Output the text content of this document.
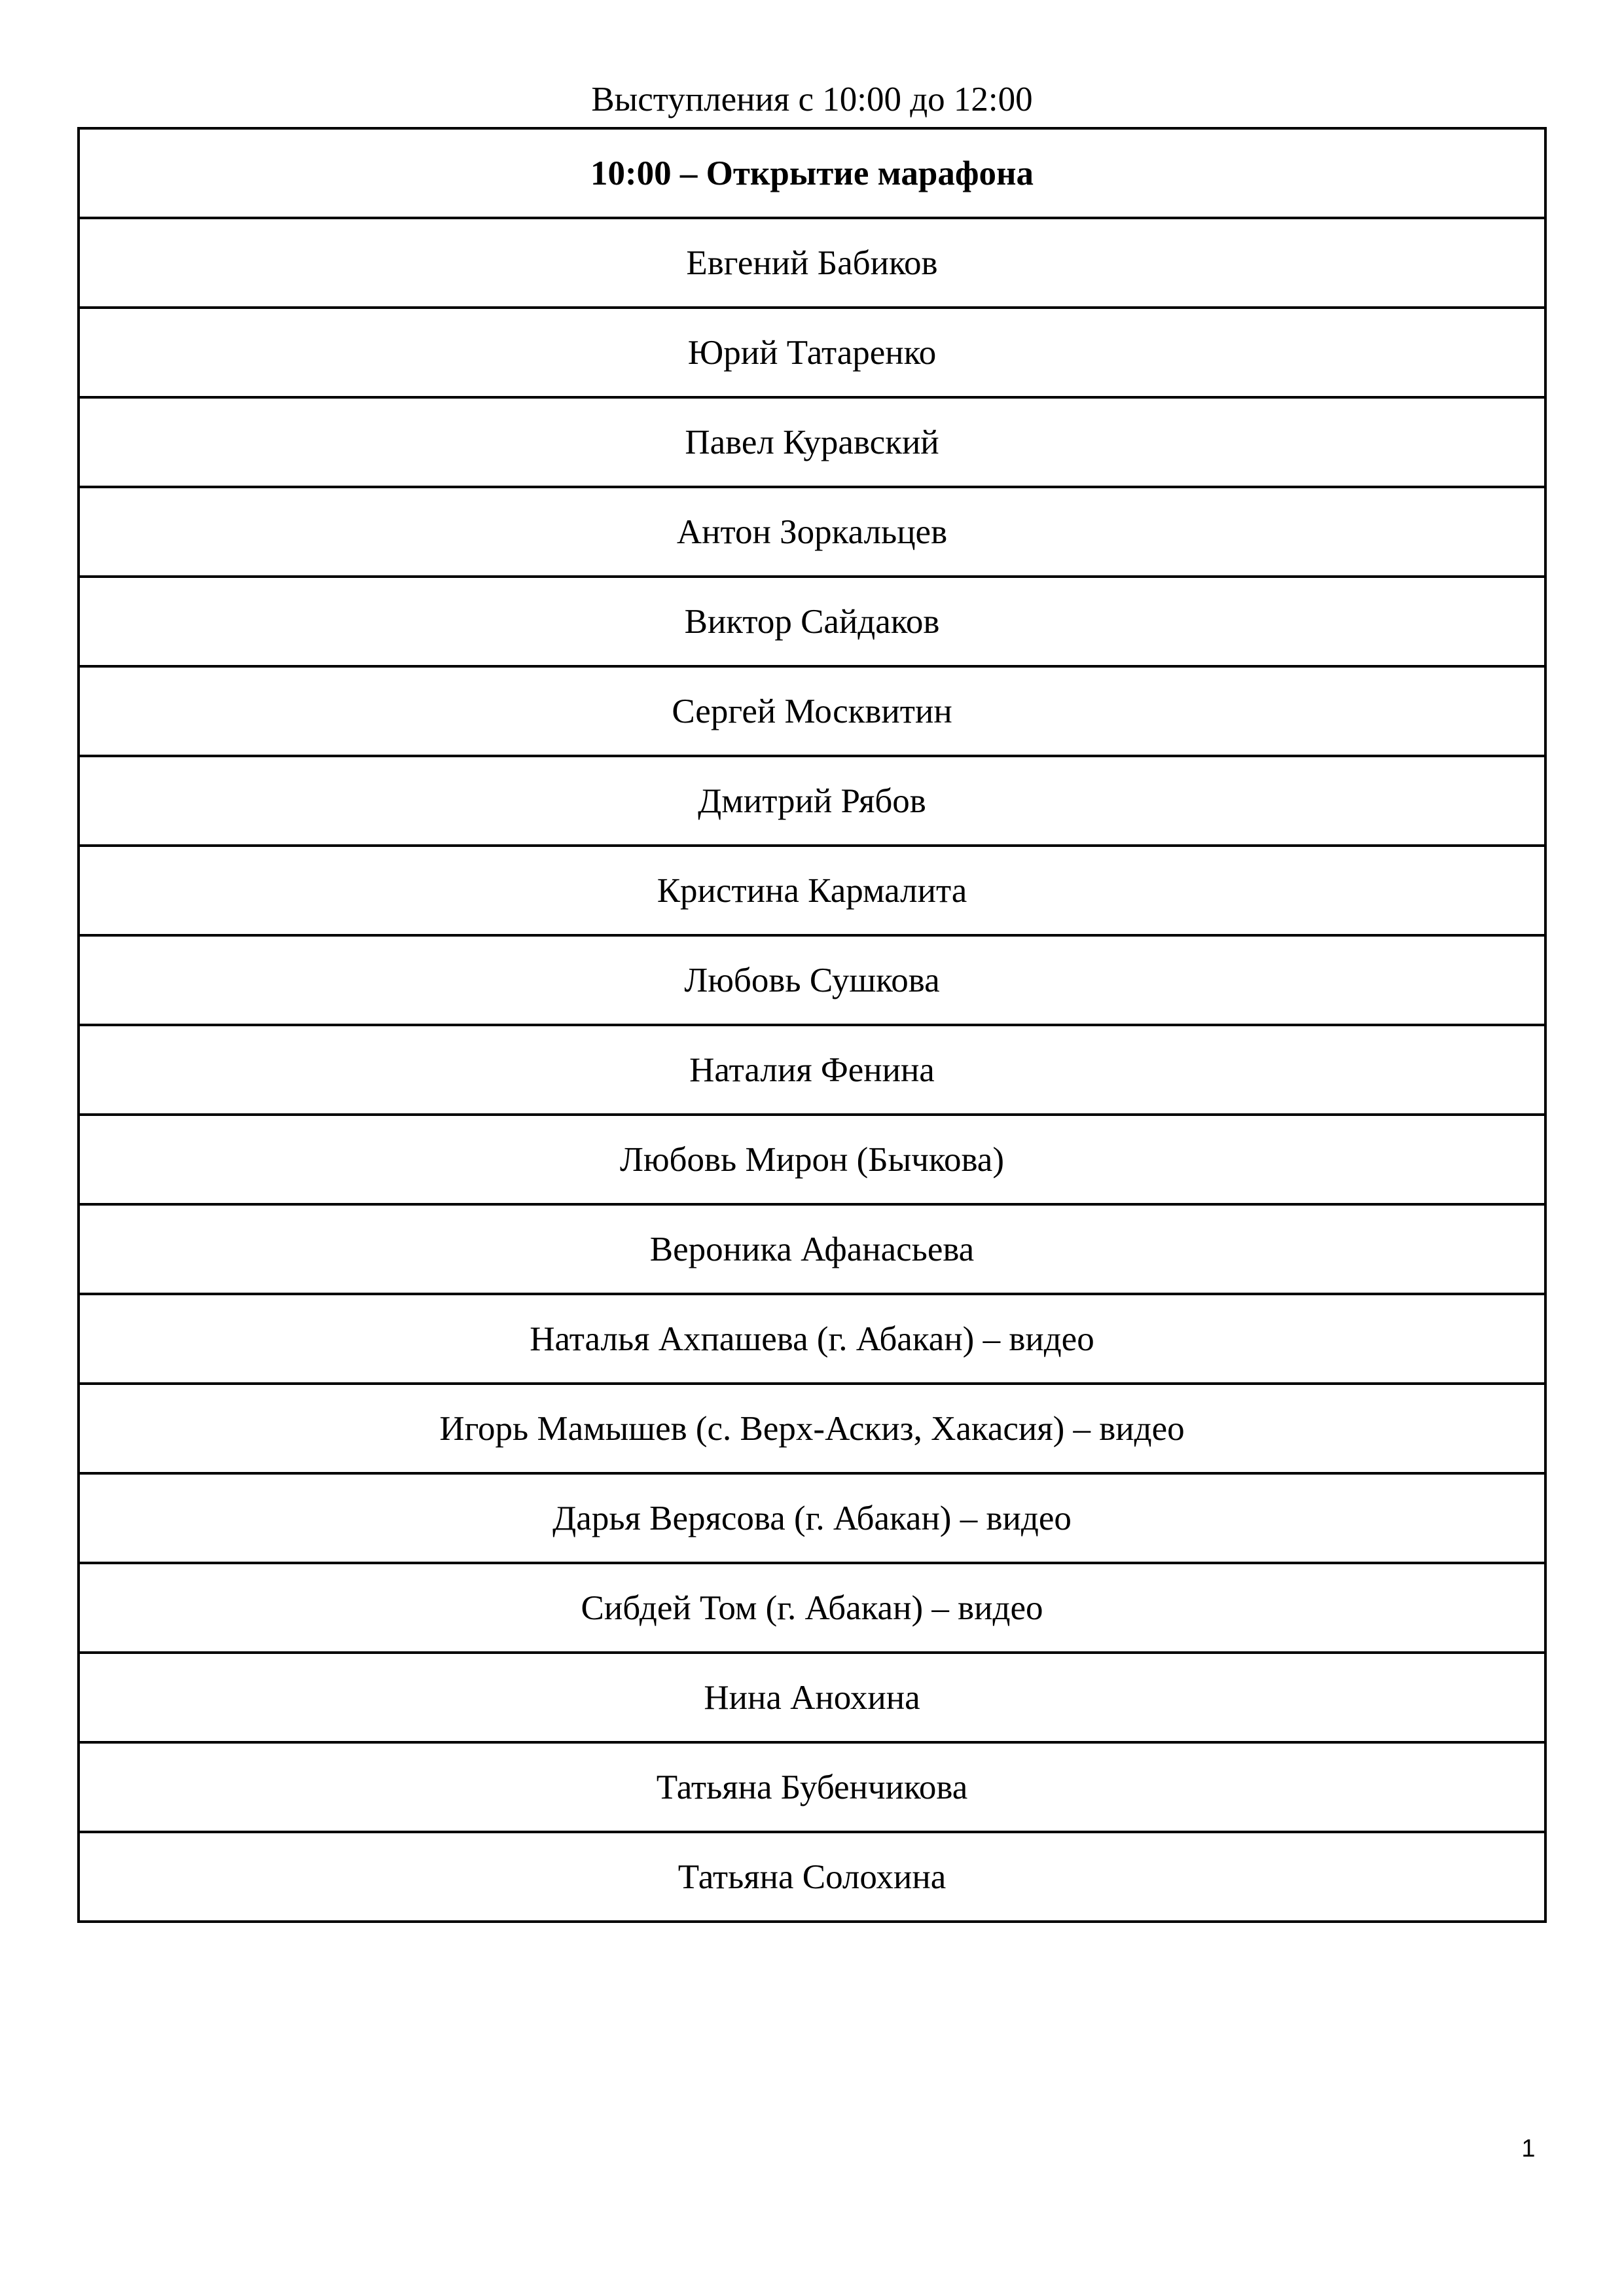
Выступления с 10:00 до 12:00
10:00 – Открытие марафона
Евгений Бабиков
Юрий Татаренко
Павел Куравский
Антон Зоркальцев
Виктор Сайдаков
Сергей Москвитин
Дмитрий Рябов
Кристина Кармалита
Любовь Сушкова
Наталия Фенина
Любовь Мирон (Бычкова)
Вероника Афанасьева
Наталья Ахпашева (г. Абакан) – видео
Игорь Мамышев (с. Верх-Аскиз, Хакасия) – видео
Дарья Верясова (г. Абакан) – видео
Сибдей Том (г. Абакан) – видео
Нина Анохина
Татьяна Бубенчикова
Татьяна Солохина
1
